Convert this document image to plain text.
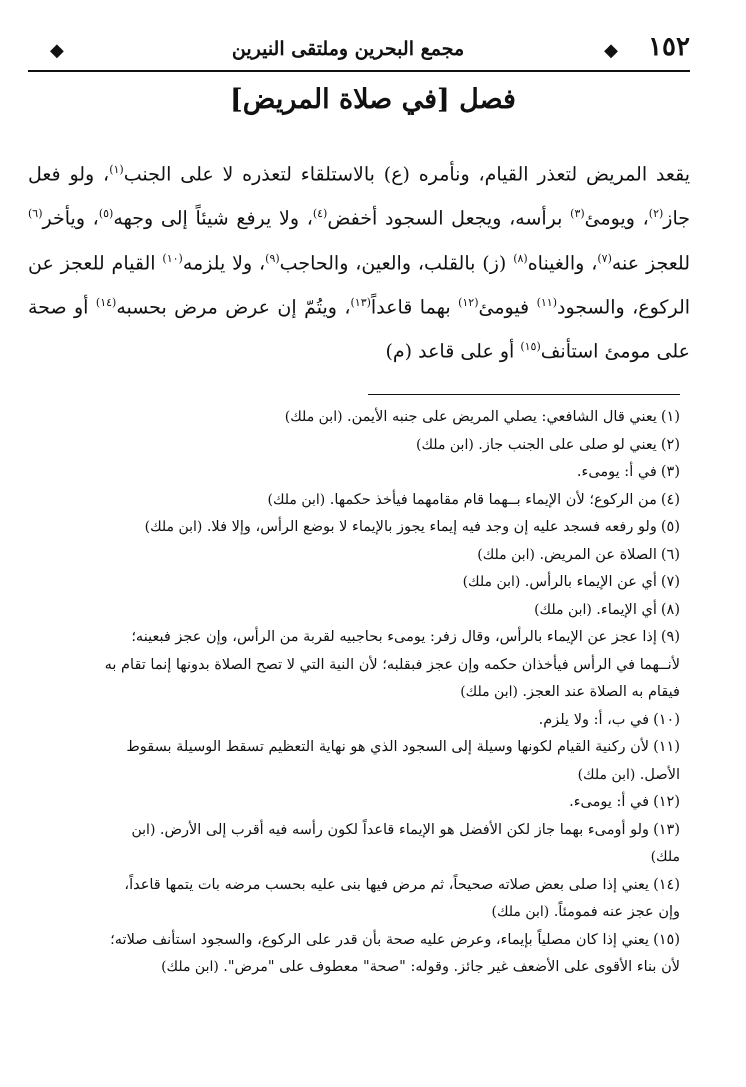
١٥٢
◆
مجمع البحرين وملتقى النيرين
◆
فصل [في صلاة المريض]
يقعد المريض لتعذر القيام، ونأمره (ع) بالاستلقاء لتعذره لا على الجنب$^{(١)}$، ولو فعل جاز$^{(٢)}$، ويومئ$^{(٣)}$ برأسه، ويجعل السجود أخفض$^{(٤)}$، ولا يرفع شيئاً إلى وجهه$^{(٥)}$، ويأخر$^{(٦)}$ للعجز عنه$^{(٧)}$، والغيناه$^{(٨)}$ (ز) بالقلب، والعين، والحاجب$^{(٩)}$، ولا يلزمه$^{(١٠)}$ القيام للعجز عن الركوع، والسجود$^{(١١)}$ فيومئ$^{(١٢)}$ بهما قاعداً$^{(١٣)}$، ويتُمّ إن عرض مرض بحسبه$^{(١٤)}$ أو صحة على مومئ استأنف$^{(١٥)}$ أو على قاعد (م)

(١)يعني قال الشافعي: يصلي المريض على جنبه الأيمن. (ابن ملك)

(٢)يعني لو صلى على الجنب جاز. (ابن ملك)

(٣)في أ: يومىء.

(٤)من الركوع؛ لأن الإيماء بــهما قام مقامهما فيأخذ حكمها. (ابن ملك)

(٥)ولو رفعه فسجد عليه إن وجد فيه إيماء يجوز بالإيماء لا بوضع الرأس، وإلا فلا. (ابن ملك)

(٦)الصلاة عن المريض. (ابن ملك)

(٧)أي عن الإيماء بالرأس. (ابن ملك)

(٨)أي الإيماء. (ابن ملك)

(٩)إذا عجز عن الإيماء بالرأس، وقال زفر: يومىء بحاجبيه لقربة من الرأس، وإن عجز فبعينه؛ لأنــهما في الرأس فيأخذان حكمه وإن عجز فبقلبه؛ لأن النية التي لا تصح الصلاة بدونها إنما تقام به فيقام به الصلاة عند العجز. (ابن ملك)

(١٠)في ب، أ: ولا يلزم.

(١١)لأن ركنية القيام لكونها وسيلة إلى السجود الذي هو نهاية التعظيم تسقط الوسيلة بسقوط الأصل. (ابن ملك)

(١٢)في أ: يومىء.

(١٣)ولو أومىء بهما جاز لكن الأفضل هو الإيماء قاعداً لكون رأسه فيه أقرب إلى الأرض. (ابن ملك)

(١٤)يعني إذا صلى بعض صلاته صحيحاً، ثم مرض فيها بنى عليه بحسب مرضه بات يتمها قاعداً، وإن عجز عنه فمومئاً. (ابن ملك)

(١٥)يعني إذا كان مصلياً بإيماء، وعرض عليه صحة بأن قدر على الركوع، والسجود استأنف صلاته؛ لأن بناء الأقوى على الأضعف غير جائز. وقوله: "صحة" معطوف على "مرض". (ابن ملك)
